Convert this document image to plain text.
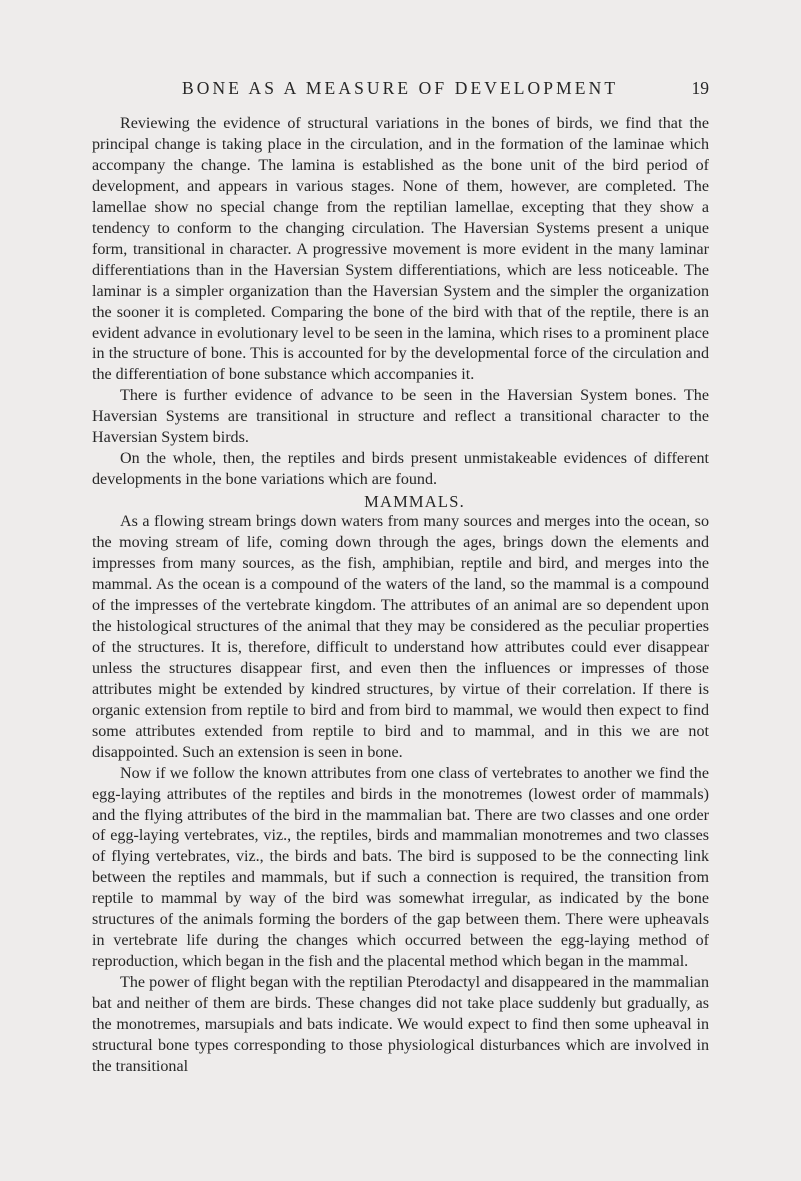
BONE AS A MEASURE OF DEVELOPMENT	19

Reviewing the evidence of structural variations in the bones of birds, we find that the principal change is taking place in the circulation, and in the formation of the laminae which accompany the change. The lamina is established as the bone unit of the bird period of development, and appears in various stages. None of them, however, are completed. The lamellae show no special change from the reptilian lamellae, excepting that they show a tendency to conform to the changing circulation. The Haversian Systems present a unique form, transitional in character. A progressive movement is more evident in the many laminar differentiations than in the Haversian System differentiations, which are less noticeable. The laminar is a simpler organization than the Haversian System and the simpler the organization the sooner it is completed. Comparing the bone of the bird with that of the reptile, there is an evident advance in evolutionary level to be seen in the lamina, which rises to a prominent place in the structure of bone. This is accounted for by the developmental force of the circulation and the differentiation of bone substance which accompanies it.

There is further evidence of advance to be seen in the Haversian System bones. The Haversian Systems are transitional in structure and reflect a transitional character to the Haversian System birds.

On the whole, then, the reptiles and birds present unmistakeable evidences of different developments in the bone variations which are found.

MAMMALS.

As a flowing stream brings down waters from many sources and merges into the ocean, so the moving stream of life, coming down through the ages, brings down the elements and impresses from many sources, as the fish, amphibian, reptile and bird, and merges into the mammal. As the ocean is a compound of the waters of the land, so the mammal is a compound of the impresses of the vertebrate kingdom. The attributes of an animal are so dependent upon the histological structures of the animal that they may be considered as the peculiar properties of the structures. It is, therefore, difficult to understand how attributes could ever disappear unless the structures disappear first, and even then the influences or impresses of those attributes might be extended by kindred structures, by virtue of their correlation. If there is organic extension from reptile to bird and from bird to mammal, we would then expect to find some attributes extended from reptile to bird and to mammal, and in this we are not disappointed. Such an extension is seen in bone.

Now if we follow the known attributes from one class of vertebrates to another we find the egg-laying attributes of the reptiles and birds in the monotremes (lowest order of mammals) and the flying attributes of the bird in the mammalian bat. There are two classes and one order of egg-laying vertebrates, viz., the reptiles, birds and mammalian monotremes and two classes of flying vertebrates, viz., the birds and bats. The bird is supposed to be the connecting link between the reptiles and mammals, but if such a connection is required, the transition from reptile to mammal by way of the bird was somewhat irregular, as indicated by the bone structures of the animals forming the borders of the gap between them. There were upheavals in vertebrate life during the changes which occurred between the egg-laying method of reproduction, which began in the fish and the placental method which began in the mammal.

The power of flight began with the reptilian Pterodactyl and disappeared in the mammalian bat and neither of them are birds. These changes did not take place suddenly but gradually, as the monotremes, marsupials and bats indicate. We would expect to find then some upheaval in structural bone types corresponding to those physiological disturbances which are involved in the transitional
